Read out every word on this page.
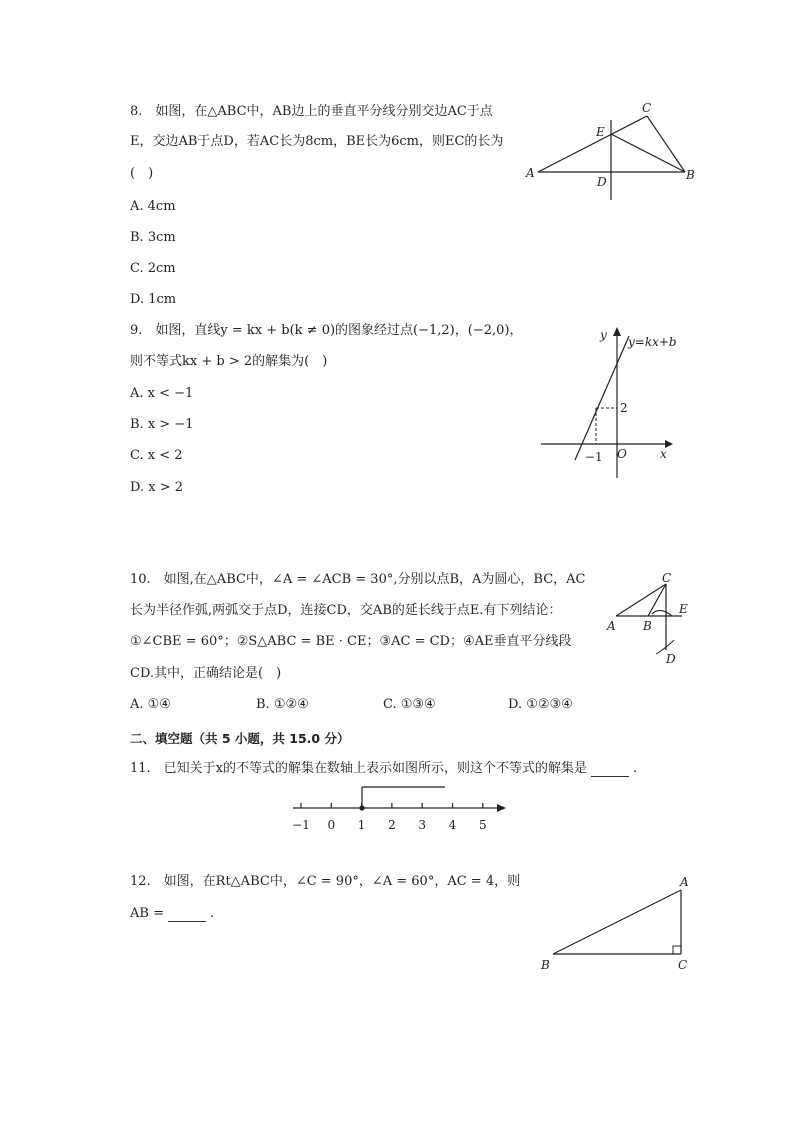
8.　如图，在△ABC中，AB边上的垂直平分线分别交边AC于点
E，交边AB于点D，若AC长为8cm，BE长为6cm，则EC的长为
(　)
A. 4cm
B. 3cm
C. 2cm
D. 1cm
A	B
C
D
E
9.　如图，直线y = kx + b(k ≠ 0)的图象经过点(−1,2)，(−2,0)，
则不等式kx + b > 2的解集为(　)
A. x < −1
B. x > −1
C. x < 2
D. x > 2
y
x
O
y=kx+b
2
−1
10.　如图,在△ABC中，∠A = ∠ACB = 30°,分别以点B，A为圆心，BC，AC
长为半径作弧,两弧交于点D，连接CD，交AB的延长线于点E.有下列结论：
①∠CBE = 60°；②S△ABC = BE · CE；③AC = CD；④AE垂直平分线段
CD.其中，正确结论是(　)
A. ①④	B. ①②④	C. ①③④	D. ①②③④
C
A B
E
D
二、填空题（共 5 小题，共 15.0 分）
11.　已知关于x的不等式的解集在数轴上表示如图所示，则这个不等式的解集是	.
−1 0 1 2 3 4 5
12.　如图，在Rt△ABC中，∠C = 90°，∠A = 60°，AC = 4，则
AB =	.
A
B	C
